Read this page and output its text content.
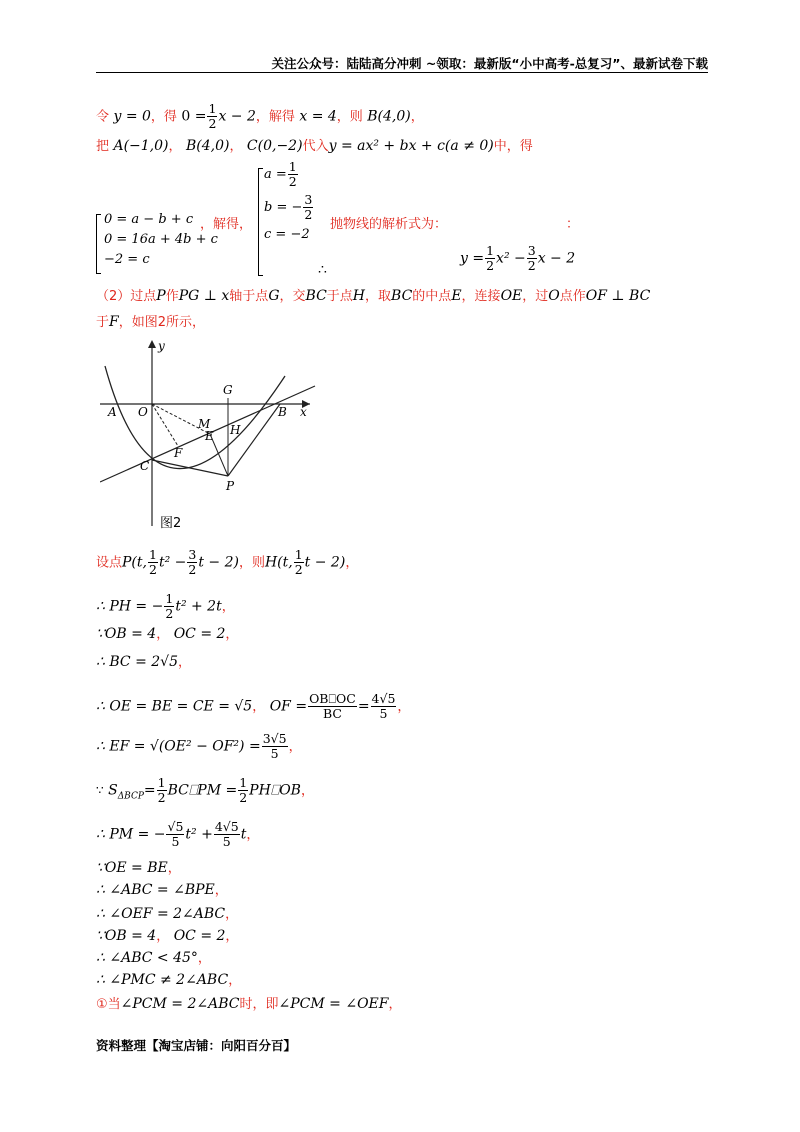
关注公众号：陆陆高分冲刺 ~领取：最新版“小中高考-总复习”、最新试卷下载
令 y = 0，得 $0 = \frac{1}{2}$ x − 2，解得 x = 4，则 B(4,0)，
把 A(−1,0)， B(4,0)， C(0,−2)代入y = ax² + bx + c(a ≠ 0)中，得
0 = a − b + c
0 = 16a + 4b + c
−2 = c
，解得，
$a = \frac{1}{2}$
b = − $\frac{3}{2}$
c = −2
抛物线的解析式为：	：
∴
$y = \frac{1}{2} x^2 - \frac{3}{2}$ x − 2
（2）过点P作PG ⊥ x轴于点G，交BC于点H，取BC的中点E，连接OE，过O点作OF ⊥ BC
于F，如图2所示，
y
A O
G
B x
M
E H
F
C
P
图2
设点P(t, $\frac{1}{2} t^2 - \frac{3}{2}$ t − 2)，则H(t, $\frac{1}{2}$ t − 2)，
∴ PH = − $\frac{1}{2} t^2 + 2t$，
∵OB = 4， OC = 2，
∴ BC = 2√5，
∴ OE = BE = CE = √5， OF = $\frac{OB⎕OC}{BC} = \frac{4√5}{5}$ ，
∴ EF = $√(OE^2 - OF^2) = \frac{3√5}{5}$ ，
∵ $S_{\Delta BCP}= \frac{1}{2}$ BC⎕PM = $\frac{1}{2}$ PH⎕OB，
∴ PM = − $\frac{√5}{5} t^2 + \frac{4√5}{5}$ t，
∵OE = BE，
∴ ∠ABC = ∠BPE，
∴ ∠OEF = 2∠ABC，
∵OB = 4， OC = 2，
∴ ∠ABC < 45°，
∴ ∠PMC ≠ 2∠ABC，
①当∠PCM = 2∠ABC时，即∠PCM = ∠OEF，
资料整理【淘宝店铺：向阳百分百】
